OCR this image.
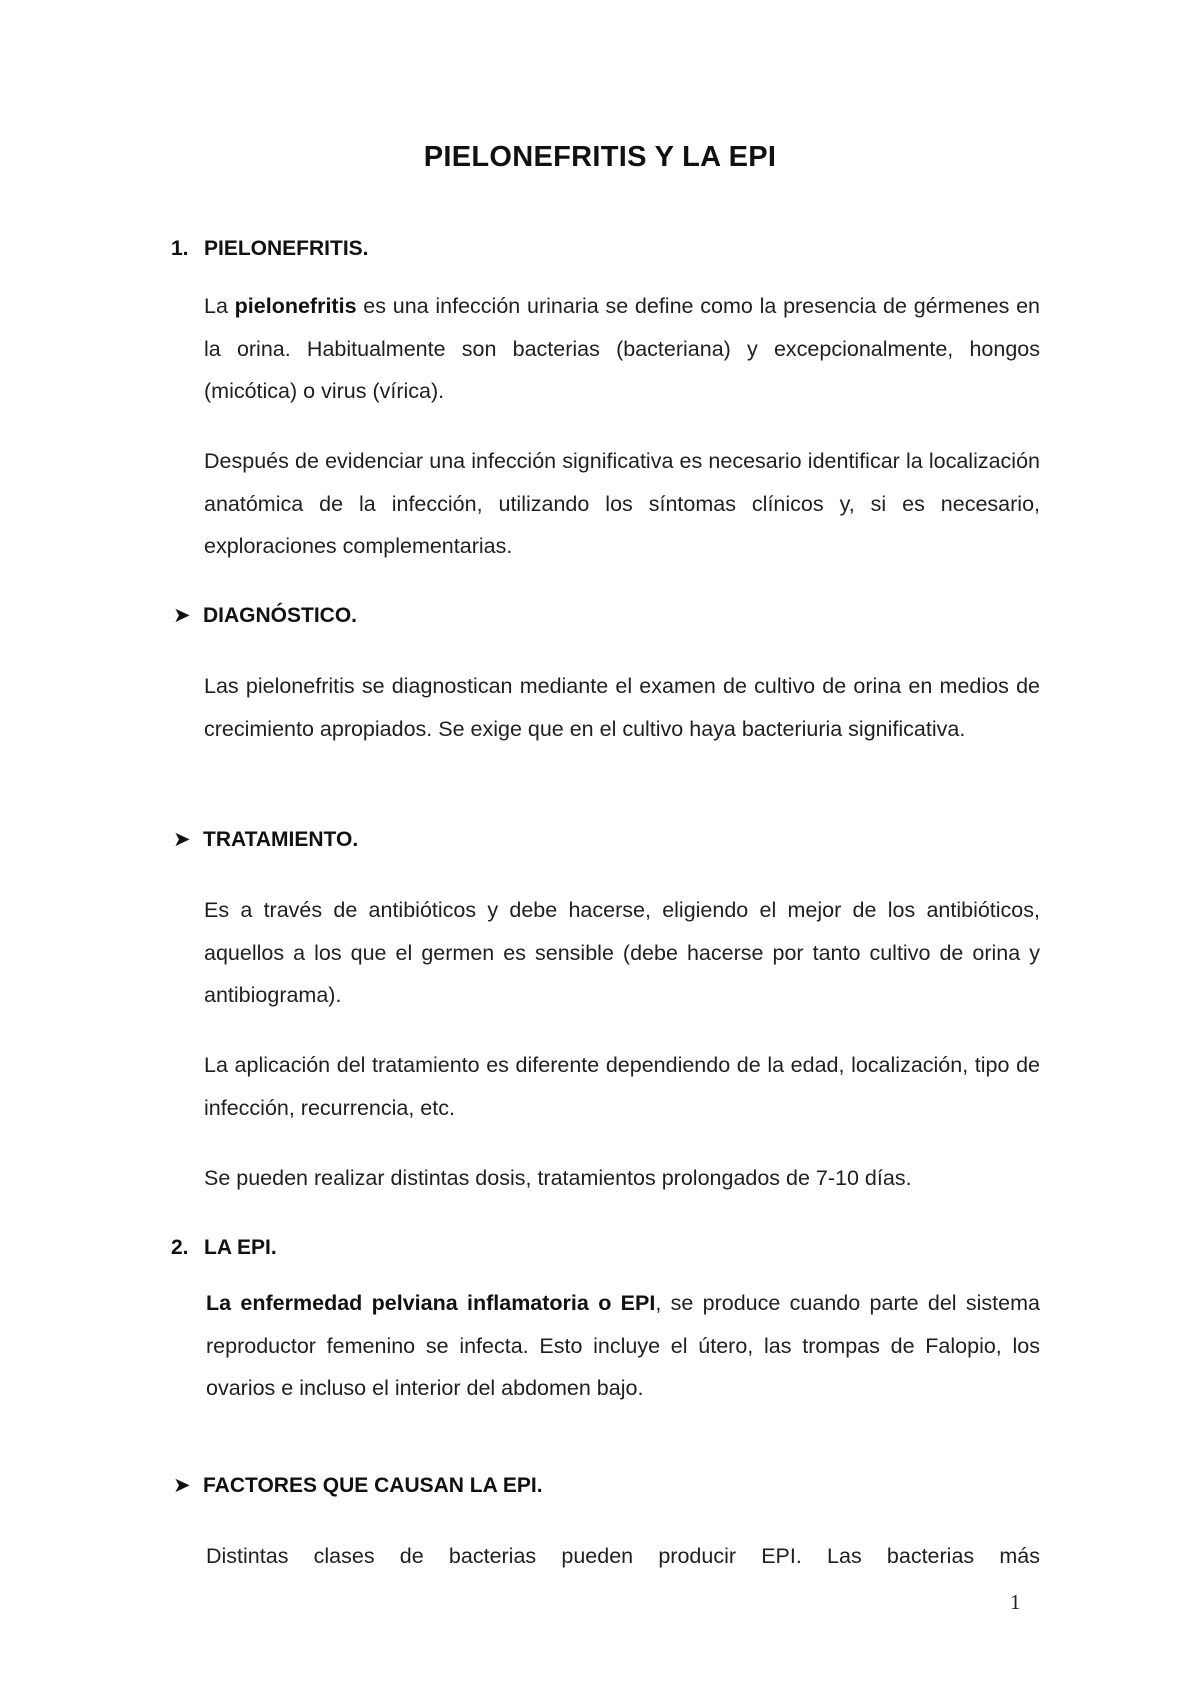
PIELONEFRITIS Y LA EPI
1. PIELONEFRITIS.
La pielonefritis es una infección urinaria se define como la presencia de gérmenes en la orina. Habitualmente son bacterias (bacteriana) y excepcionalmente, hongos (micótica) o virus (vírica).
Después de evidenciar una infección significativa es necesario identificar la localización anatómica de la infección, utilizando los síntomas clínicos y, si es necesario, exploraciones complementarias.
➤ DIAGNÓSTICO.
Las pielonefritis se diagnostican mediante el examen de cultivo de orina en medios de crecimiento apropiados. Se exige que en el cultivo haya bacteriuria significativa.
➤ TRATAMIENTO.
Es a través de antibióticos y debe hacerse, eligiendo el mejor de los antibióticos, aquellos a los que el germen es sensible (debe hacerse por tanto cultivo de orina y antibiograma).
La aplicación del tratamiento es diferente dependiendo de la edad, localización, tipo de infección, recurrencia, etc.
Se pueden realizar distintas dosis, tratamientos prolongados de 7-10 días.
2. LA EPI.
La enfermedad pelviana inflamatoria o EPI, se produce cuando parte del sistema reproductor femenino se infecta. Esto incluye el útero, las trompas de Falopio, los ovarios e incluso el interior del abdomen bajo.
➤ FACTORES QUE CAUSAN LA EPI.
Distintas clases de bacterias pueden producir EPI. Las bacterias más
1
